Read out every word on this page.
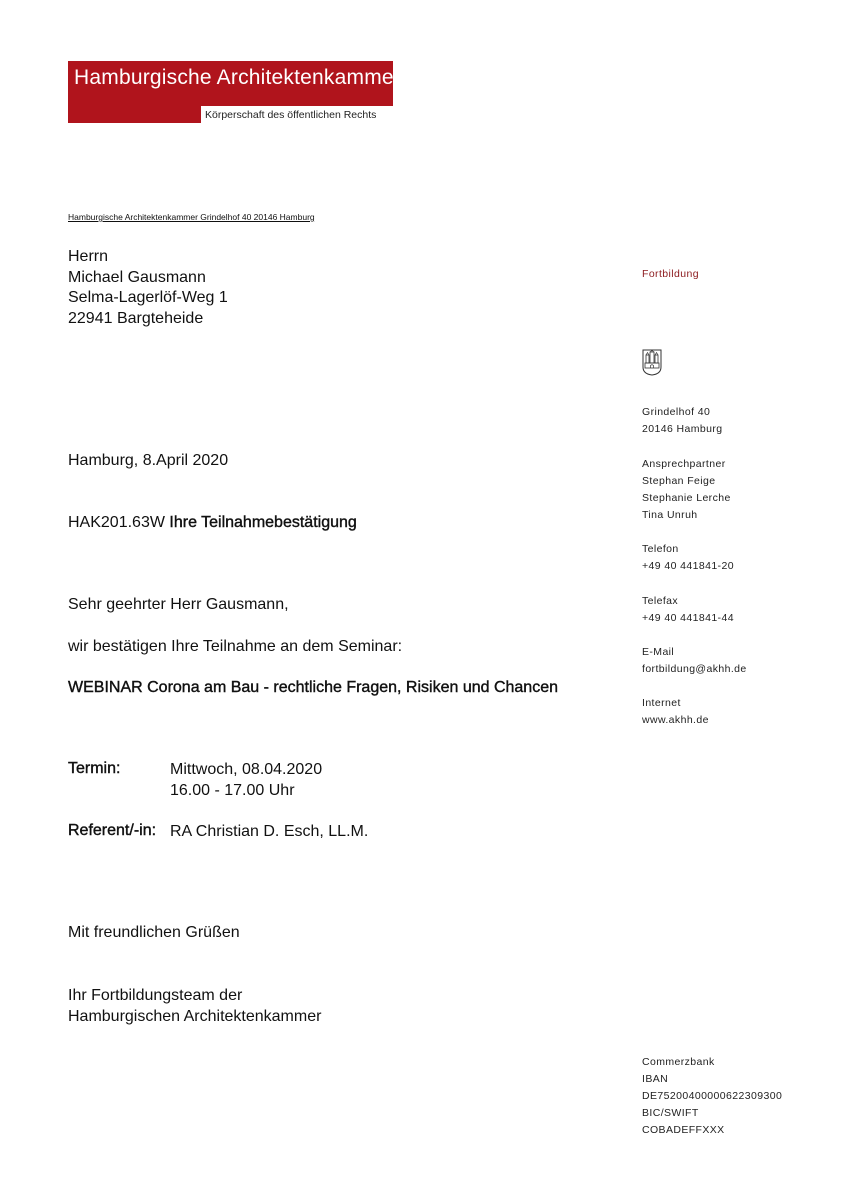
Hamburgische Architektenkammer
Körperschaft des öffentlichen Rechts
Hamburgische Architektenkammer Grindelhof 40 20146 Hamburg
Herrn
Michael Gausmann
Selma-Lagerlöf-Weg 1
22941 Bargteheide
Hamburg, 8.April 2020
HAK201.63W Ihre Teilnahmebestätigung
Sehr geehrter Herr Gausmann,
wir bestätigen Ihre Teilnahme an dem Seminar:
WEBINAR Corona am Bau - rechtliche Fragen, Risiken und Chancen
Termin:	Mittwoch, 08.04.2020
16.00 - 17.00 Uhr
Referent/-in: RA Christian D. Esch, LL.M.
Mit freundlichen Grüßen
Ihr Fortbildungsteam der
Hamburgischen Architektenkammer
Fortbildung
Grindelhof 40
20146 Hamburg
Ansprechpartner
Stephan Feige
Stephanie Lerche
Tina Unruh
Telefon
+49 40 441841-20
Telefax
+49 40 441841-44
E-Mail
fortbildung@akhh.de
Internet
www.akhh.de
Commerzbank
IBAN
DE75200400000622309300
BIC/SWIFT
COBADEFFXXX
